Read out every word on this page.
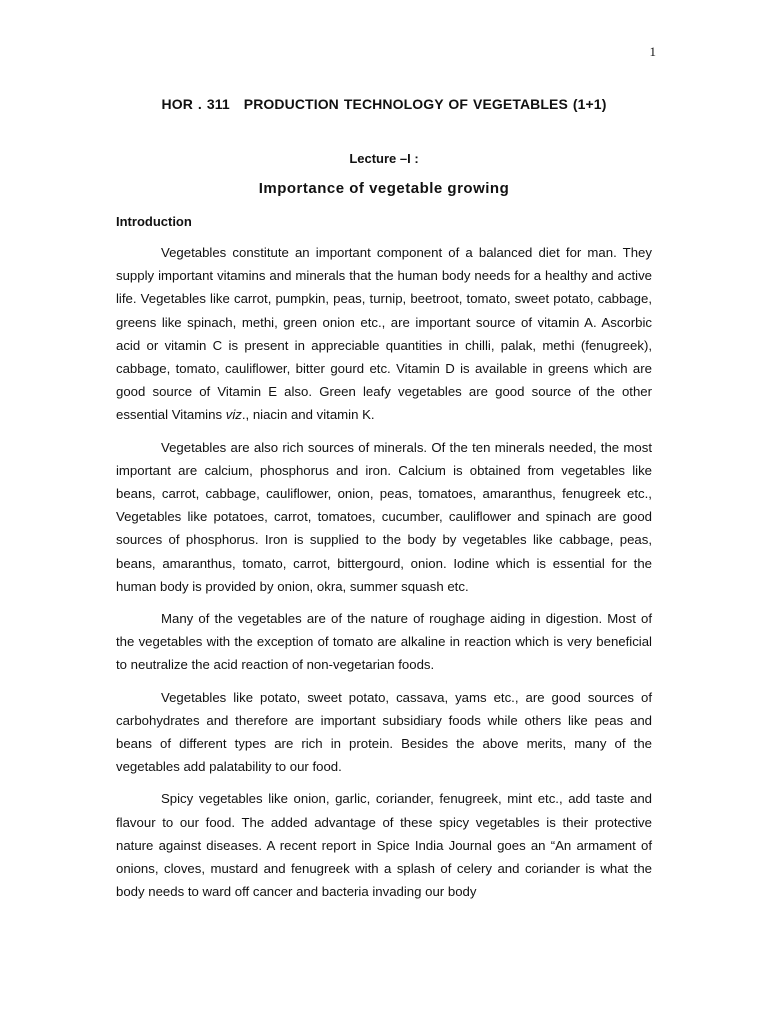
1
HOR . 311 PRODUCTION TECHNOLOGY OF VEGETABLES (1+1)
Lecture –I :
Importance of vegetable growing
Introduction

Vegetables constitute an important component of a balanced diet for man. They supply important vitamins and minerals that the human body needs for a healthy and active life. Vegetables like carrot, pumpkin, peas, turnip, beetroot, tomato, sweet potato, cabbage, greens like spinach, methi, green onion etc., are important source of vitamin A. Ascorbic acid or vitamin C is present in appreciable quantities in chilli, palak, methi (fenugreek), cabbage, tomato, cauliflower, bitter gourd etc. Vitamin D is available in greens which are good source of Vitamin E also. Green leafy vegetables are good source of the other essential Vitamins viz., niacin and vitamin K.

Vegetables are also rich sources of minerals. Of the ten minerals needed, the most important are calcium, phosphorus and iron. Calcium is obtained from vegetables like beans, carrot, cabbage, cauliflower, onion, peas, tomatoes, amaranthus, fenugreek etc., Vegetables like potatoes, carrot, tomatoes, cucumber, cauliflower and spinach are good sources of phosphorus. Iron is supplied to the body by vegetables like cabbage, peas, beans, amaranthus, tomato, carrot, bittergourd, onion. Iodine which is essential for the human body is provided by onion, okra, summer squash etc.

Many of the vegetables are of the nature of roughage aiding in digestion. Most of the vegetables with the exception of tomato are alkaline in reaction which is very beneficial to neutralize the acid reaction of non-vegetarian foods.

Vegetables like potato, sweet potato, cassava, yams etc., are good sources of carbohydrates and therefore are important subsidiary foods while others like peas and beans of different types are rich in protein. Besides the above merits, many of the vegetables add palatability to our food.

Spicy vegetables like onion, garlic, coriander, fenugreek, mint etc., add taste and flavour to our food. The added advantage of these spicy vegetables is their protective nature against diseases. A recent report in Spice India Journal goes an “An armament of onions, cloves, mustard and fenugreek with a splash of celery and coriander is what the body needs to ward off cancer and bacteria invading our body
